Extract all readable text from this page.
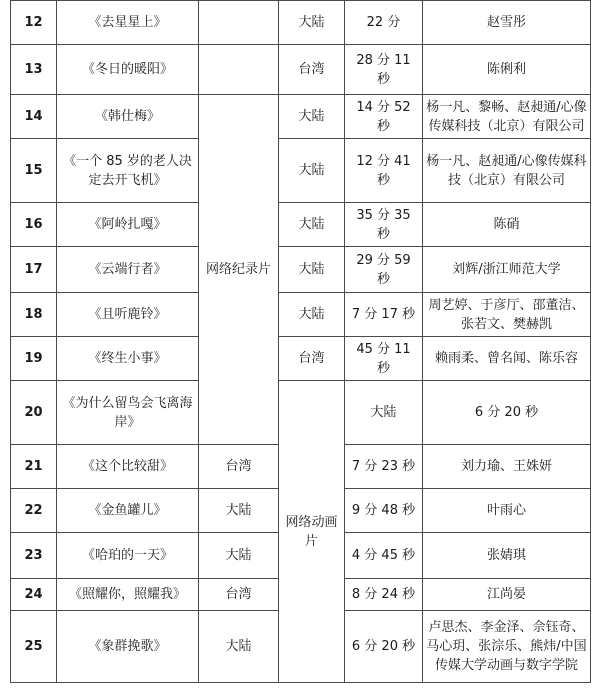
12	《去星星上》		大陆	22 分	赵雪彤	
13	《冬日的暖阳》		台湾	28 分 11 秒	陈俐利	
14	《韩仕梅》	网络纪录片	大陆	14 分 52 秒	杨一凡、黎畅、赵昶通/心像传媒科技（北京）有限公司	
15	《一个 85 岁的老人决定去开飞机》		大陆	12 分 41 秒	杨一凡、赵昶通/心像传媒科技（北京）有限公司	
16	《阿岭扎嘎》		大陆	35 分 35 秒	陈硝	
17	《云端行者》		大陆	29 分 59 秒	刘辉/浙江师范大学	
18	《且听鹿铃》		大陆	7 分 17 秒	周艺婷、于彦厅、邵董洁、张若文、樊赫凯	
19	《终生小事》		台湾	45 分 11 秒	赖雨柔、曾名闻、陈乐容	
20	《为什么留鸟会飞离海岸》		网络动画片	大陆	6 分 20 秒	
21	《这个比较甜》	台湾		7 分 23 秒	刘力瑜、王姝妍	
22	《金鱼罐儿》	大陆		9 分 48 秒	叶雨心	
23	《哈珀的一天》	大陆		4 分 45 秒	张婧琪	
24	《照耀你，照耀我》	台湾		8 分 24 秒	江尚晏	
25	《象群挽歌》	大陆		6 分 20 秒	卢思杰、李金泽、佘钰奇、马心玥、张淙乐、熊炜/中国传媒大学动画与数字学院	
